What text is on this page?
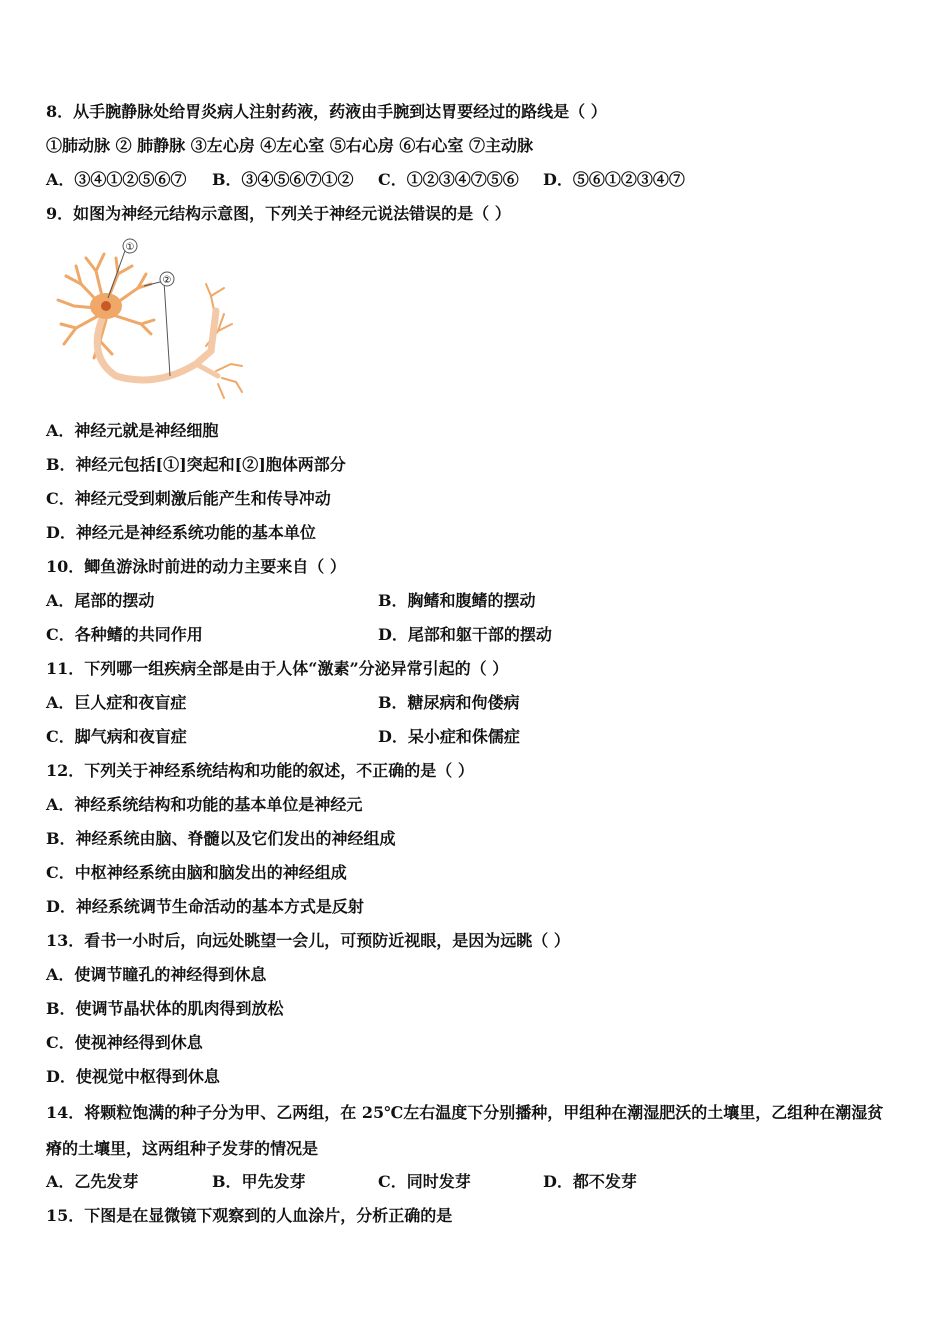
8．从手腕静脉处给胃炎病人注射药液，药液由手腕到达胃要经过的路线是（ ）
①肺动脉 ② 肺静脉 ③左心房 ④左心室 ⑤右心房 ⑥右心室 ⑦主动脉
A．③④①②⑤⑥⑦ B．③④⑤⑥⑦①② C．①②③④⑦⑤⑥ D．⑤⑥①②③④⑦
9．如图为神经元结构示意图，下列关于神经元说法错误的是（ ）
①
②
A．神经元就是神经细胞
B．神经元包括[①]突起和[②]胞体两部分
C．神经元受到刺激后能产生和传导冲动
D．神经元是神经系统功能的基本单位
10．鲫鱼游泳时前进的动力主要来自（ ）
A．尾部的摆动	B．胸鳍和腹鳍的摆动
C．各种鳍的共同作用	D．尾部和躯干部的摆动
11．下列哪一组疾病全部是由于人体“激素”分泌异常引起的（ ）
A．巨人症和夜盲症	B．糖尿病和佝偻病
C．脚气病和夜盲症	D．呆小症和侏儒症
12．下列关于神经系统结构和功能的叙述，不正确的是（ ）
A．神经系统结构和功能的基本单位是神经元
B．神经系统由脑、脊髓以及它们发出的神经组成
C．中枢神经系统由脑和脑发出的神经组成
D．神经系统调节生命活动的基本方式是反射
13．看书一小时后，向远处眺望一会儿，可预防近视眼，是因为远眺（ ）
A．使调节瞳孔的神经得到休息
B．使调节晶状体的肌肉得到放松
C．使视神经得到休息
D．使视觉中枢得到休息
14．将颗粒饱满的种子分为甲、乙两组，在 25℃左右温度下分别播种，甲组种在潮湿肥沃的土壤里，乙组种在潮湿贫
瘠的土壤里，这两组种子发芽的情况是
A．乙先发芽	B．甲先发芽	C．同时发芽	D．都不发芽
15．下图是在显微镜下观察到的人血涂片，分析正确的是
